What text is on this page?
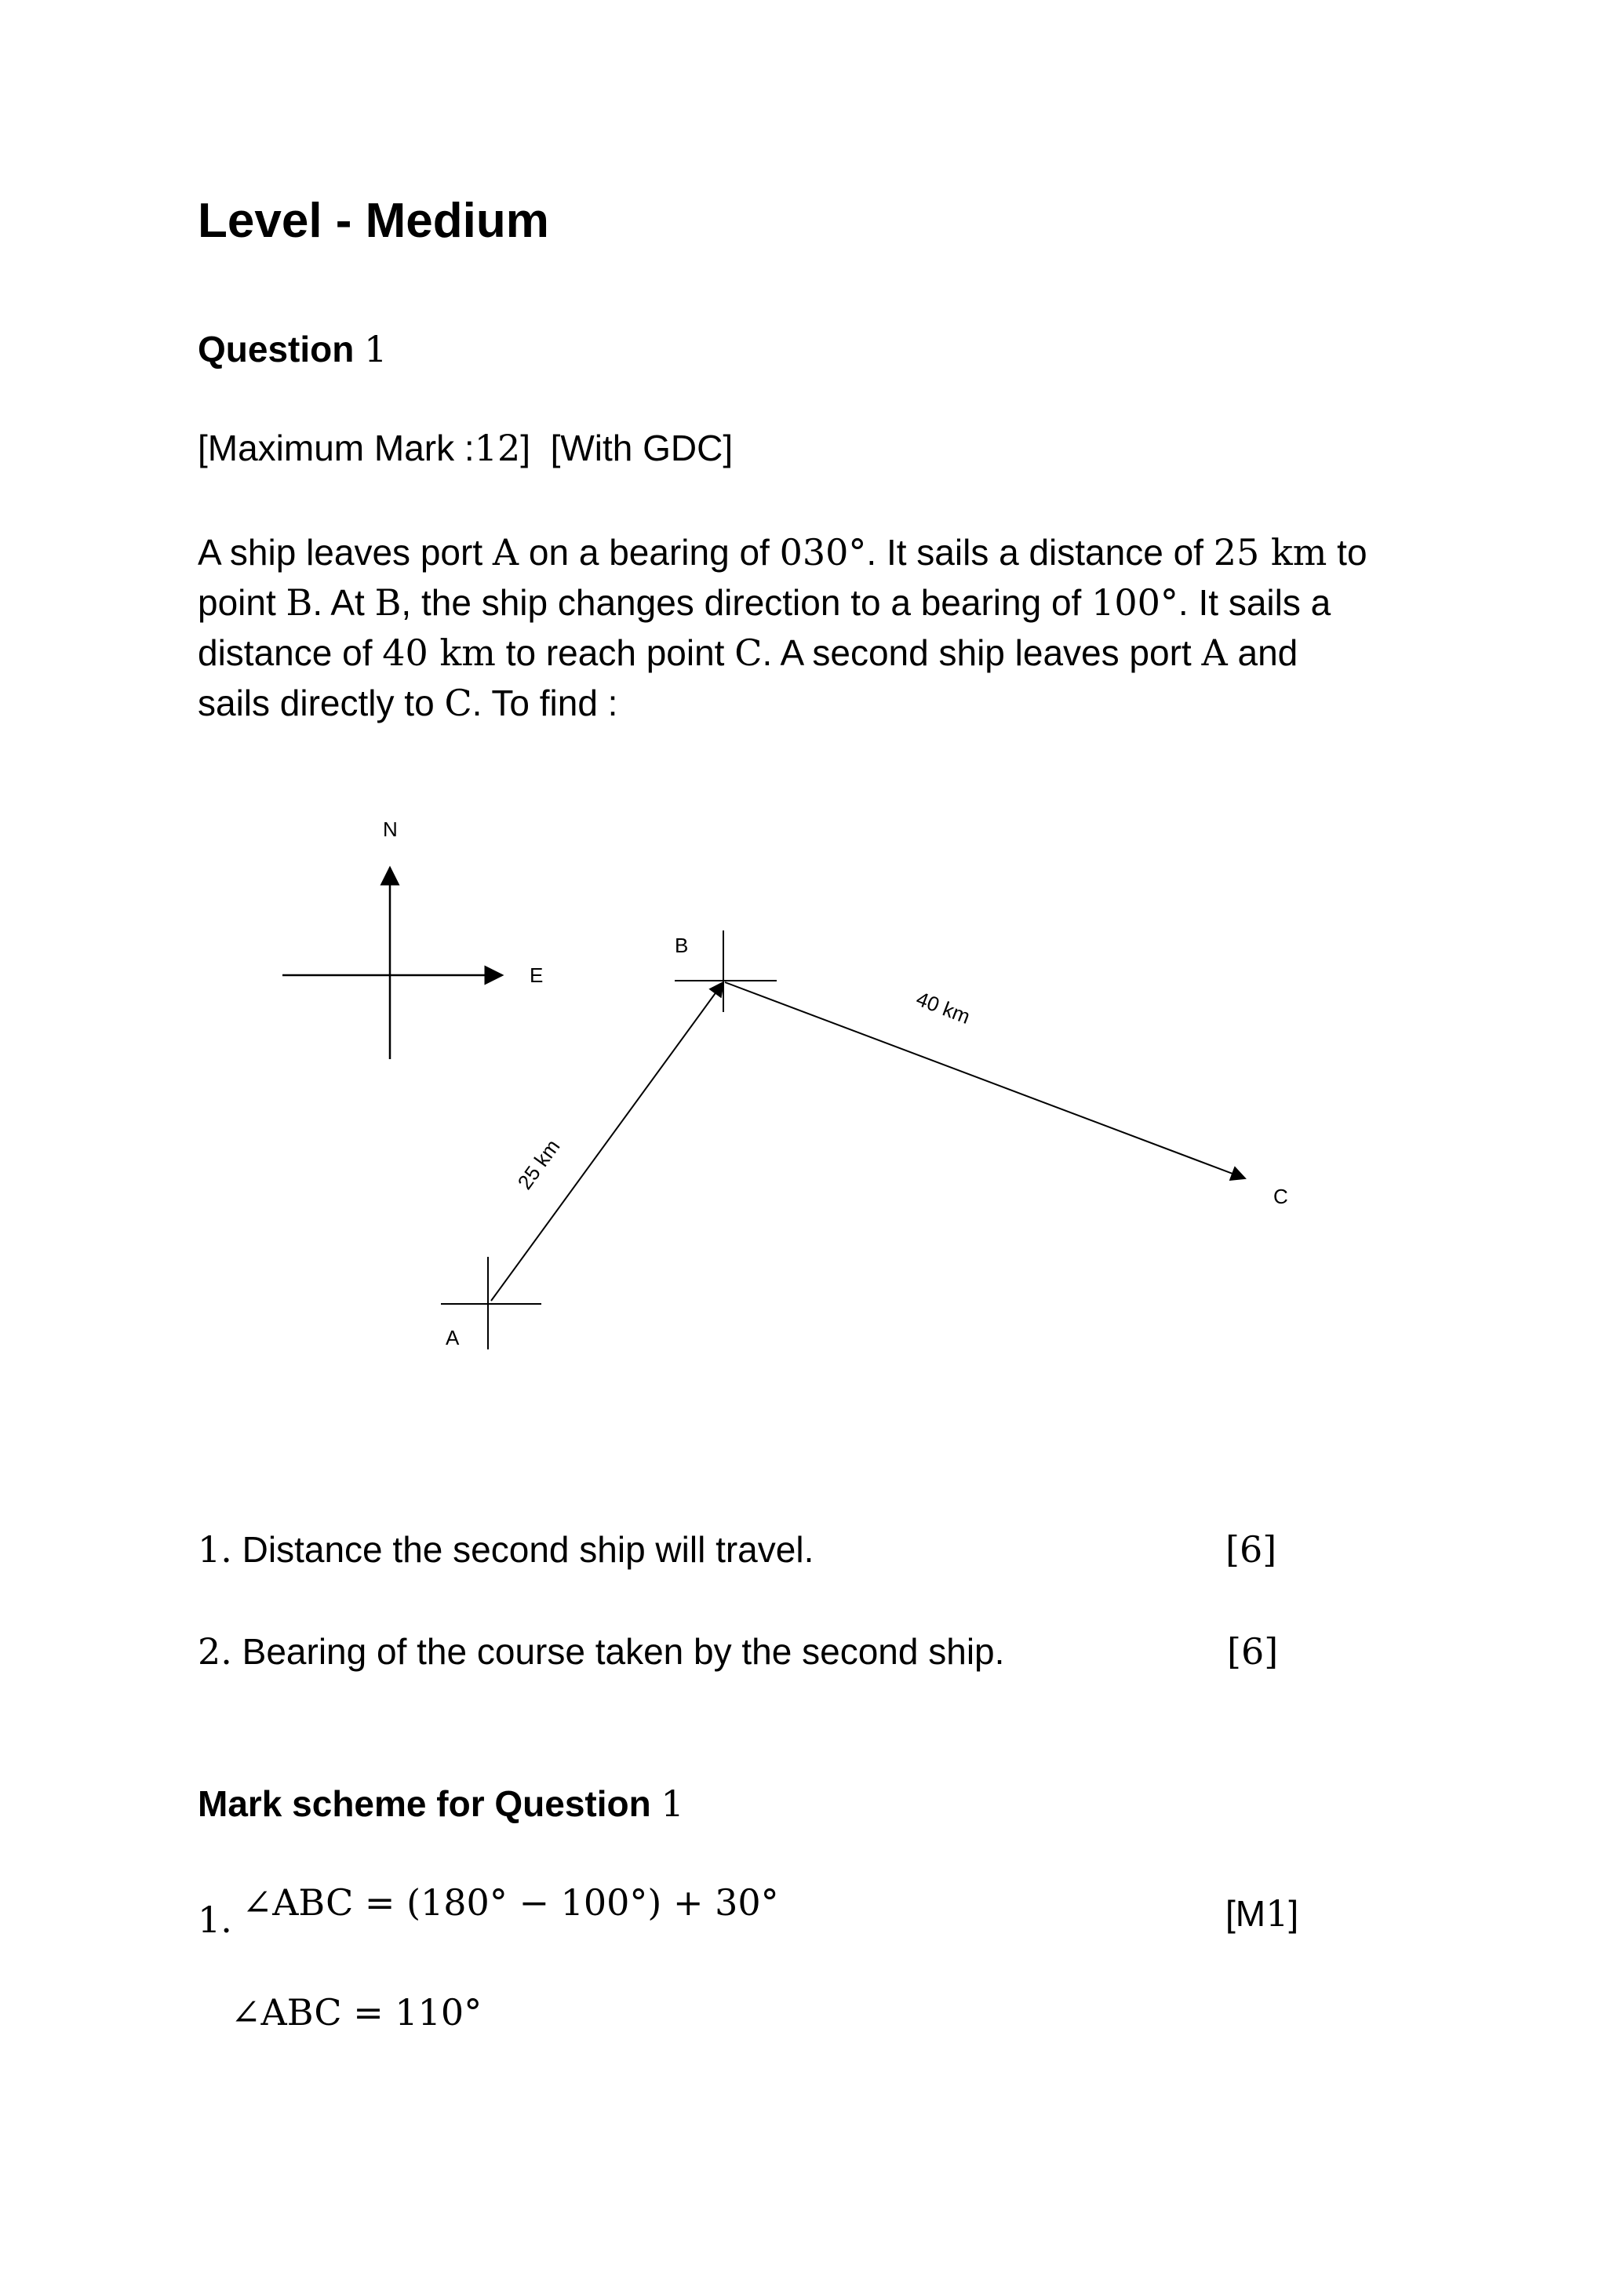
Level - Medium
Question 1
[Maximum Mark :12] [With GDC]
A ship leaves port A on a bearing of 030°. It sails a distance of 25 km to
point B. At B, the ship changes direction to a bearing of 100°. It sails a
distance of 40 km to reach point C. A second ship leaves port A and
sails directly to C. To find :
N
E
A
B
25 km
40 km
C
1. Distance the second ship will travel.	[6]
2. Bearing of the course taken by the second ship.	[6]
Mark scheme for Question 1
1. ∠ABC = (180° − 100°) + 30°	[M1]
∠ABC = 110°
